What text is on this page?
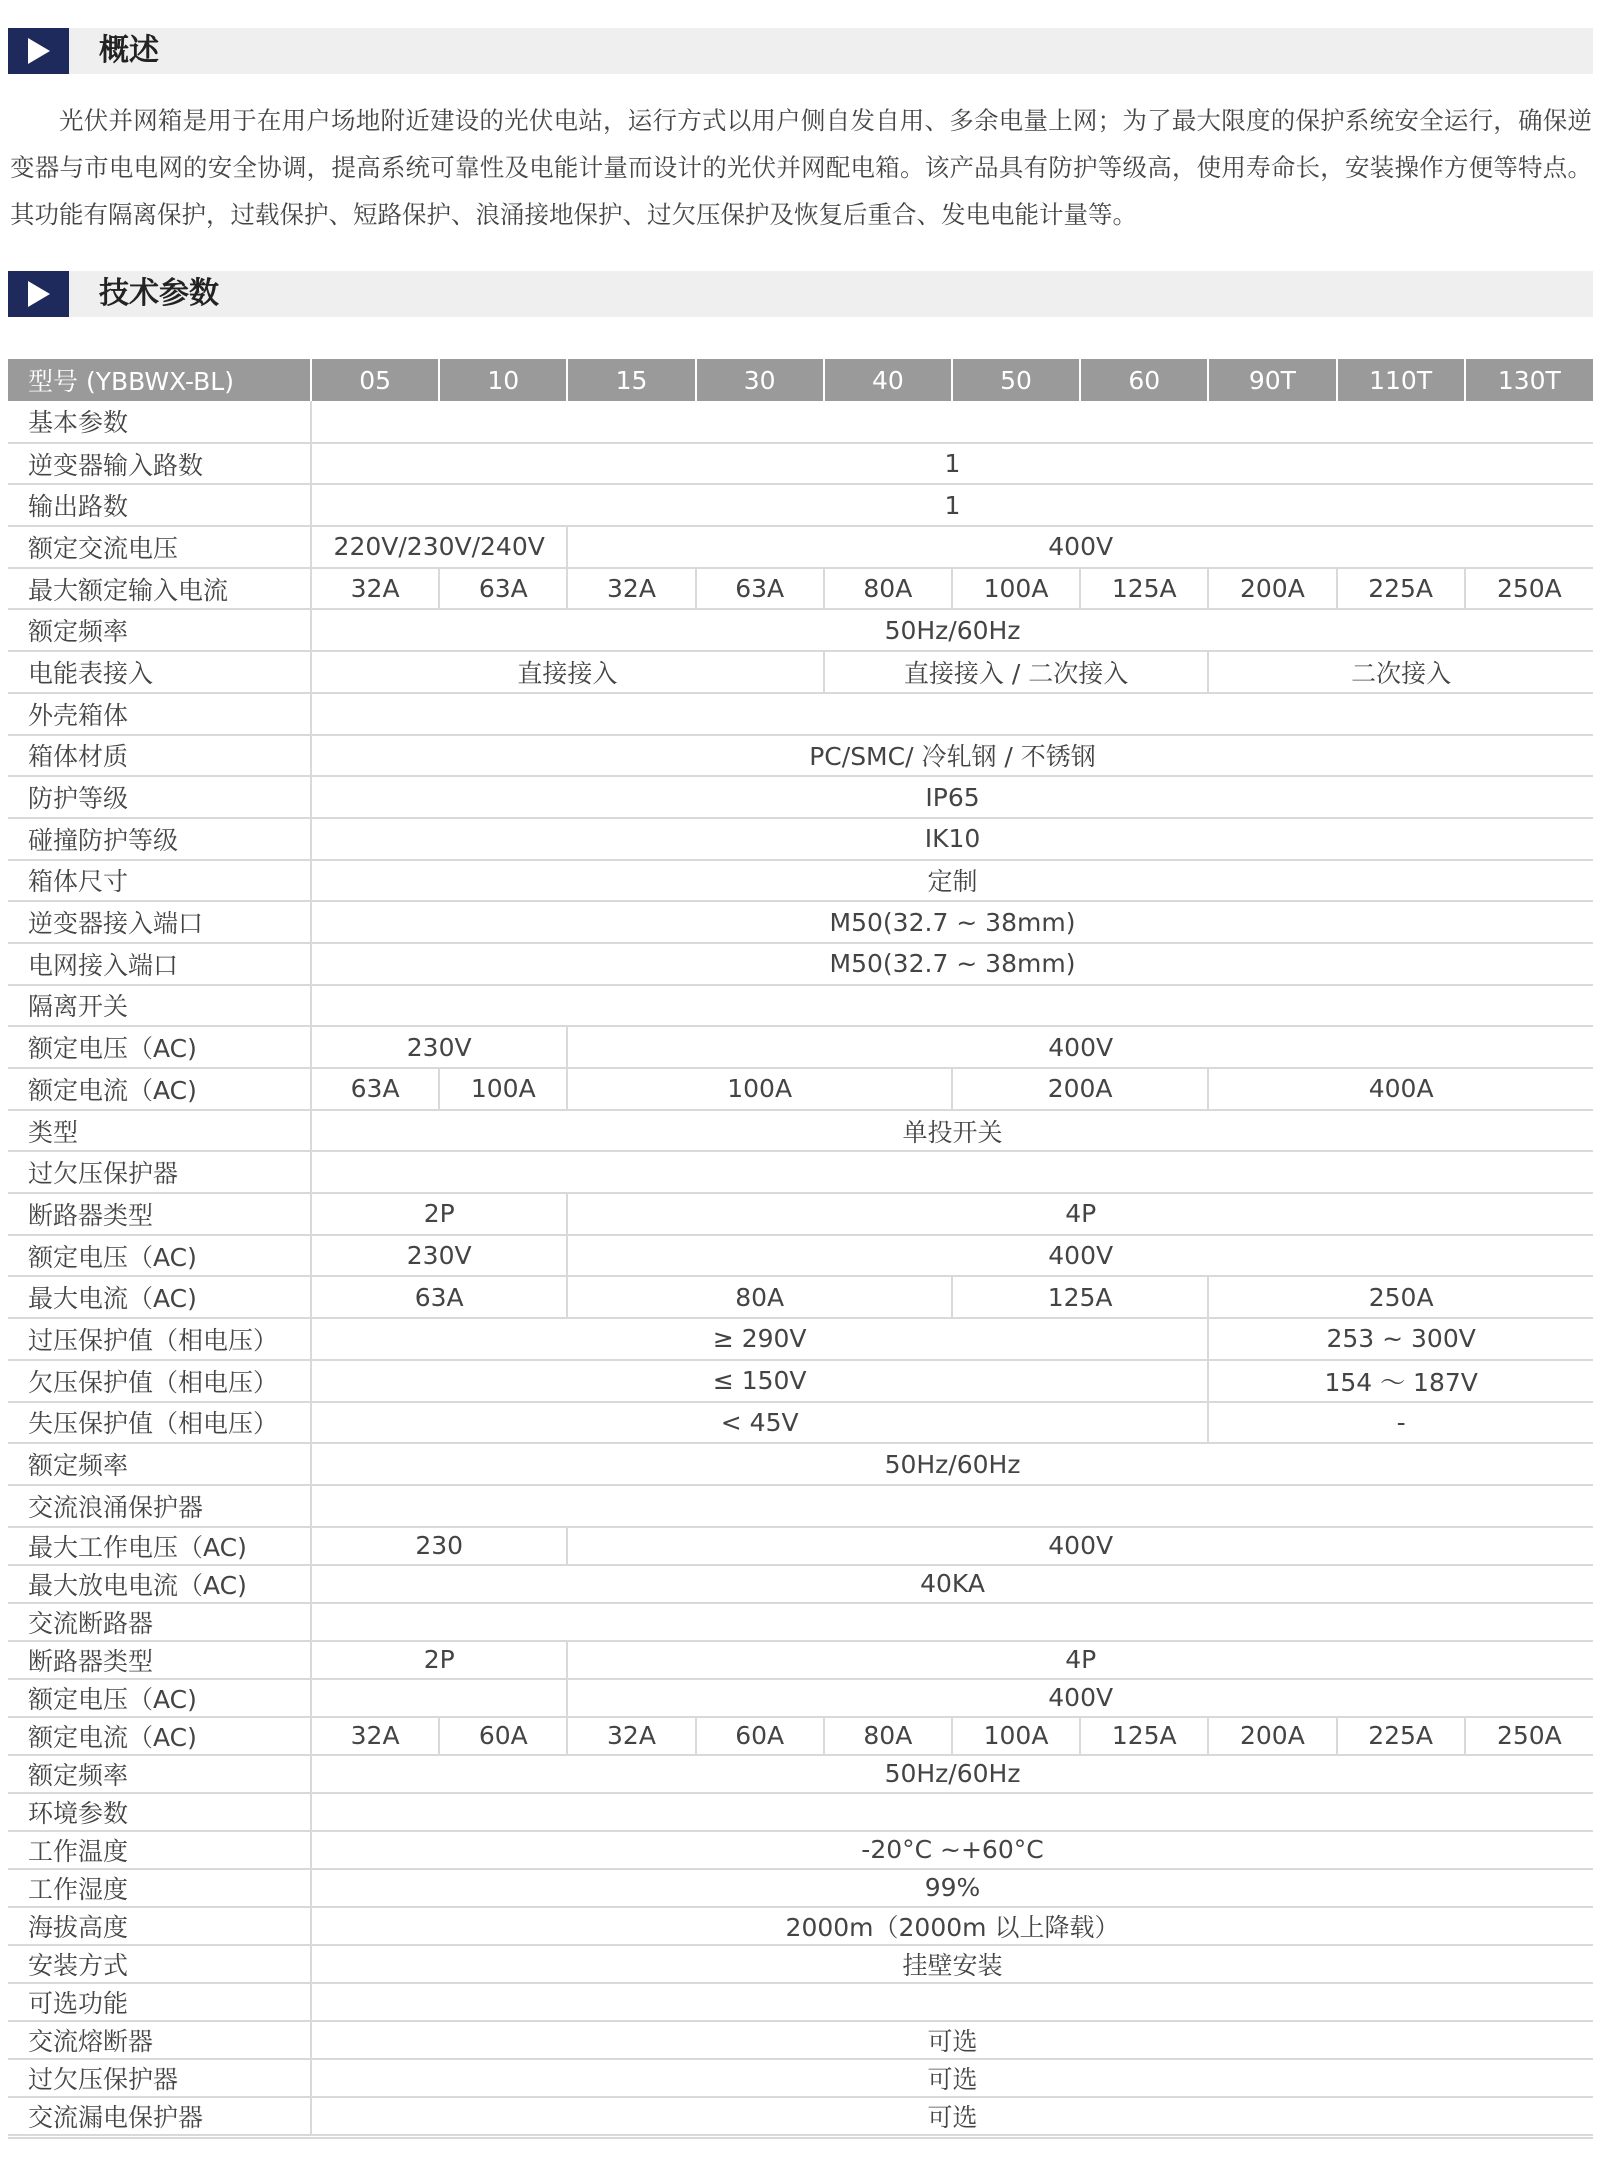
概述

光伏并网箱是用于在用户场地附近建设的光伏电站，运行方式以用户侧自发自用、多余电量上网；为了最大限度的保护系统安全运行，确保逆变器与市电电网的安全协调，提高系统可靠性及电能计量而设计的光伏并网配电箱。该产品具有防护等级高，使用寿命长，安装操作方便等特点。其功能有隔离保护，过载保护、短路保护、浪涌接地保护、过欠压保护及恢复后重合、发电电能计量等。

技术参数
型号 (YBBWX-BL)	05	10	15	30	40	50	60	90T	110T	130T
基本参数										
逆变器输入路数	1									
输出路数	1									
额定交流电压	220V/230V/240V		400V							
最大额定输入电流	32A	63A	32A	63A	80A	100A	125A	200A	225A	250A
额定频率	50Hz/60Hz									
电能表接入	直接接入				直接接入 / 二次接入			二次接入		
外壳箱体										
箱体材质	PC/SMC/ 冷轧钢 / 不锈钢									
防护等级	IP65									
碰撞防护等级	IK10									
箱体尺寸	定制									
逆变器接入端口	M50(32.7 ~ 38mm)									
电网接入端口	M50(32.7 ~ 38mm)									
隔离开关										
额定电压（AC)	230V		400V							
额定电流（AC)	63A	100A	100A			200A		400A		
类型	单投开关									
过欠压保护器										
断路器类型	2P		4P							
额定电压（AC)	230V		400V							
最大电流（AC)	63A		80A			125A		250A		
过压保护值（相电压）	≥ 290V							253 ~ 300V		
欠压保护值（相电压）	≤ 150V							154 ～ 187V		
失压保护值（相电压）	< 45V							-		
额定频率	50Hz/60Hz									
交流浪涌保护器										
最大工作电压（AC)	230		400V							
最大放电电流（AC)	40KA									
交流断路器										
断路器类型	2P		4P							
额定电压（AC)			400V							
额定电流（AC)	32A	60A	32A	60A	80A	100A	125A	200A	225A	250A
额定频率	50Hz/60Hz									
环境参数										
工作温度	-20°C ~+60°C									
工作湿度	99%									
海拔高度	2000m（2000m 以上降载）									
安装方式	挂壁安装									
可选功能										
交流熔断器	可选									
过欠压保护器	可选									
交流漏电保护器	可选									
